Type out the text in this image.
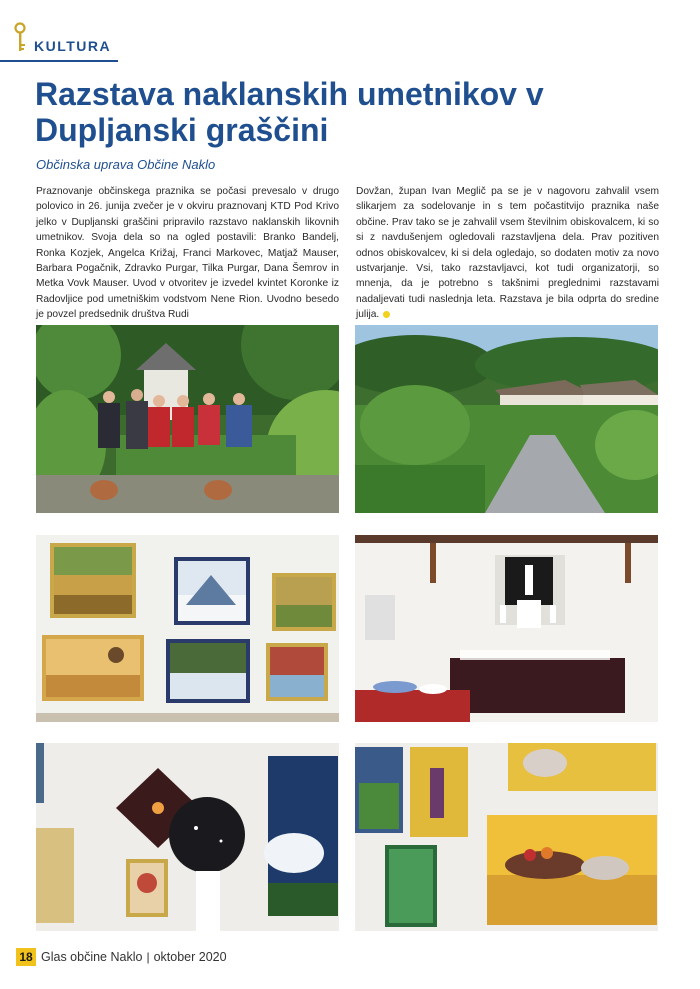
KULTURA
Razstava naklanskih umetnikov v Dupljanski graščini

Občinska uprava Občine Naklo

Praznovanje občinskega praznika se počasi prevesalo v drugo polovico in 26. junija zvečer je v okviru praznovanj KTD Pod Krivo jelko v Dupljanski graščini pripravilo razstavo naklanskih likovnih umetnikov. Svoja dela so na ogled postavili: Branko Bandelj, Ronka Kozjek, Angelca Križaj, Franci Markovec, Matjaž Mauser, Barbara Pogačnik, Zdravko Purgar, Tilka Purgar, Dana Šemrov in Metka Vovk Mauser. Uvod v otvoritev je izvedel kvintet Koronke iz Radovljice pod umetniškim vodstvom Nene Rion. Uvodno besedo je povzel predsednik društva Rudi

Dovžan, župan Ivan Meglič pa se je v nagovoru zahvalil vsem slikarjem za sodelovanje in s tem počastitvijo praznika naše občine. Prav tako se je zahvalil vsem številnim obiskovalcem, ki so si z navdušenjem ogledovali razstavljena dela. Prav pozitiven odnos obiskovalcev, ki si dela ogledajo, so dodaten motiv za novo ustvarjanje. Vsi, tako razstavljavci, kot tudi organizatorji, so mnenja, da je potrebno s takšnimi preglednimi razstavami nadaljevati tudi naslednja leta. Razstava je bila odprta do sredine julija.

18 Glas občine Naklo | oktober 2020
